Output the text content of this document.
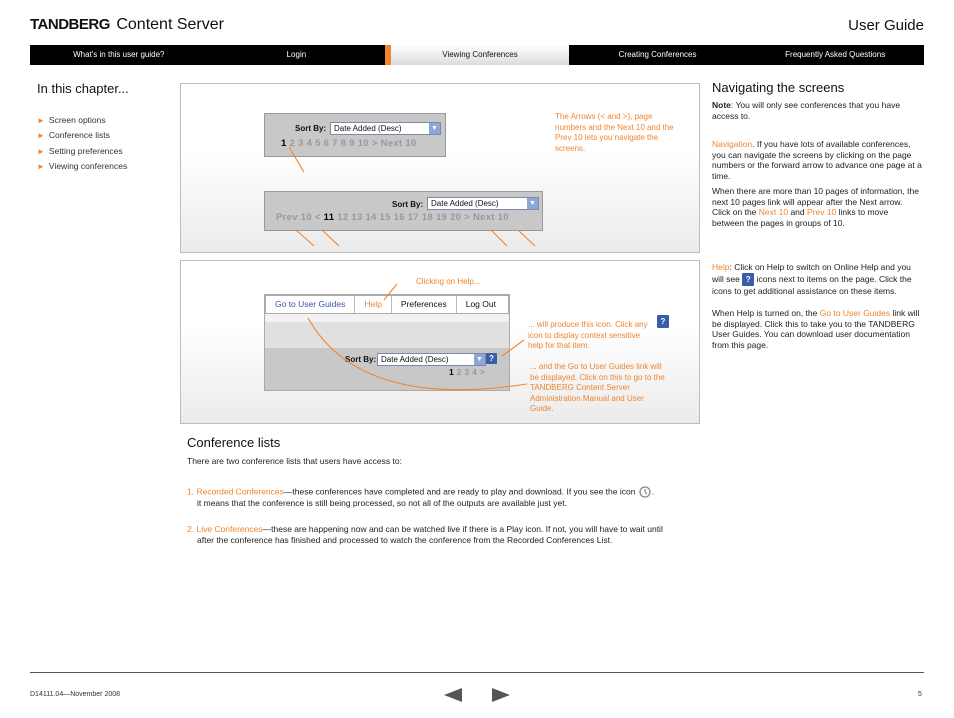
TANDBERG Content Server	User Guide
What's in this user guide?	Login	Viewing Conferences	Creating Conferences	Frequently Asked Questions
In this chapter...
► Screen options
► Conference lists
► Setting preferences
► Viewing conferences
Sort By: Date Added (Desc)	▼
1 2 3 4 5 6 7 8 9 10 > Next 10
Sort By: Date Added (Desc)	▼
Prev 10 < 11 12 13 14 15 16 17 18 19 20 > Next 10
The Arrows (< and >), page numbers and the Next 10 and the Prev 10 lets you navigate the screens.
Clicking on Help...
Go to User Guides	Help	Preferences	Log Out
Sort By: Date Added (Desc)	▼ ?
1 2 3 4 >
?
... will produce this icon. Click any icon to display context sensitive help for that item.
... and the Go to User Guides link will be displayed. Click on this to go to the TANDBERG Content Server Administration Manual and User Guide.
Conference lists
There are two conference lists that users have access to:
1. Recorded Conferences—these conferences have completed and are ready to play and download. If you see the icon .
it means that the conference is still being processed, so not all of the outputs are available just yet.
2. Live Conferences—these are happening now and can be watched live if there is a Play icon. If not, you will have to wait until
after the conference has finished and processed to watch the conference from the Recorded Conferences List.
Navigating the screens
Note: You will only see conferences that you have access to.
Navigation. If you have lots of available conferences, you can navigate the screens by clicking on the page numbers or the forward arrow to advance one page at a time.
When there are more than 10 pages of information, the next 10 pages link will appear after the Next arrow. Click on the Next 10 and Prev 10 links to move between the pages in groups of 10.
Help: Click on Help to switch on Online Help and you will see ? icons next to items on the page. Click the icons to get additional assistance on these items.
When Help is turned on, the Go to User Guides link will be displayed. Click this to take you to the TANDBERG User Guides. You can download user documentation from this page.
D14111.04—November 2008	5
